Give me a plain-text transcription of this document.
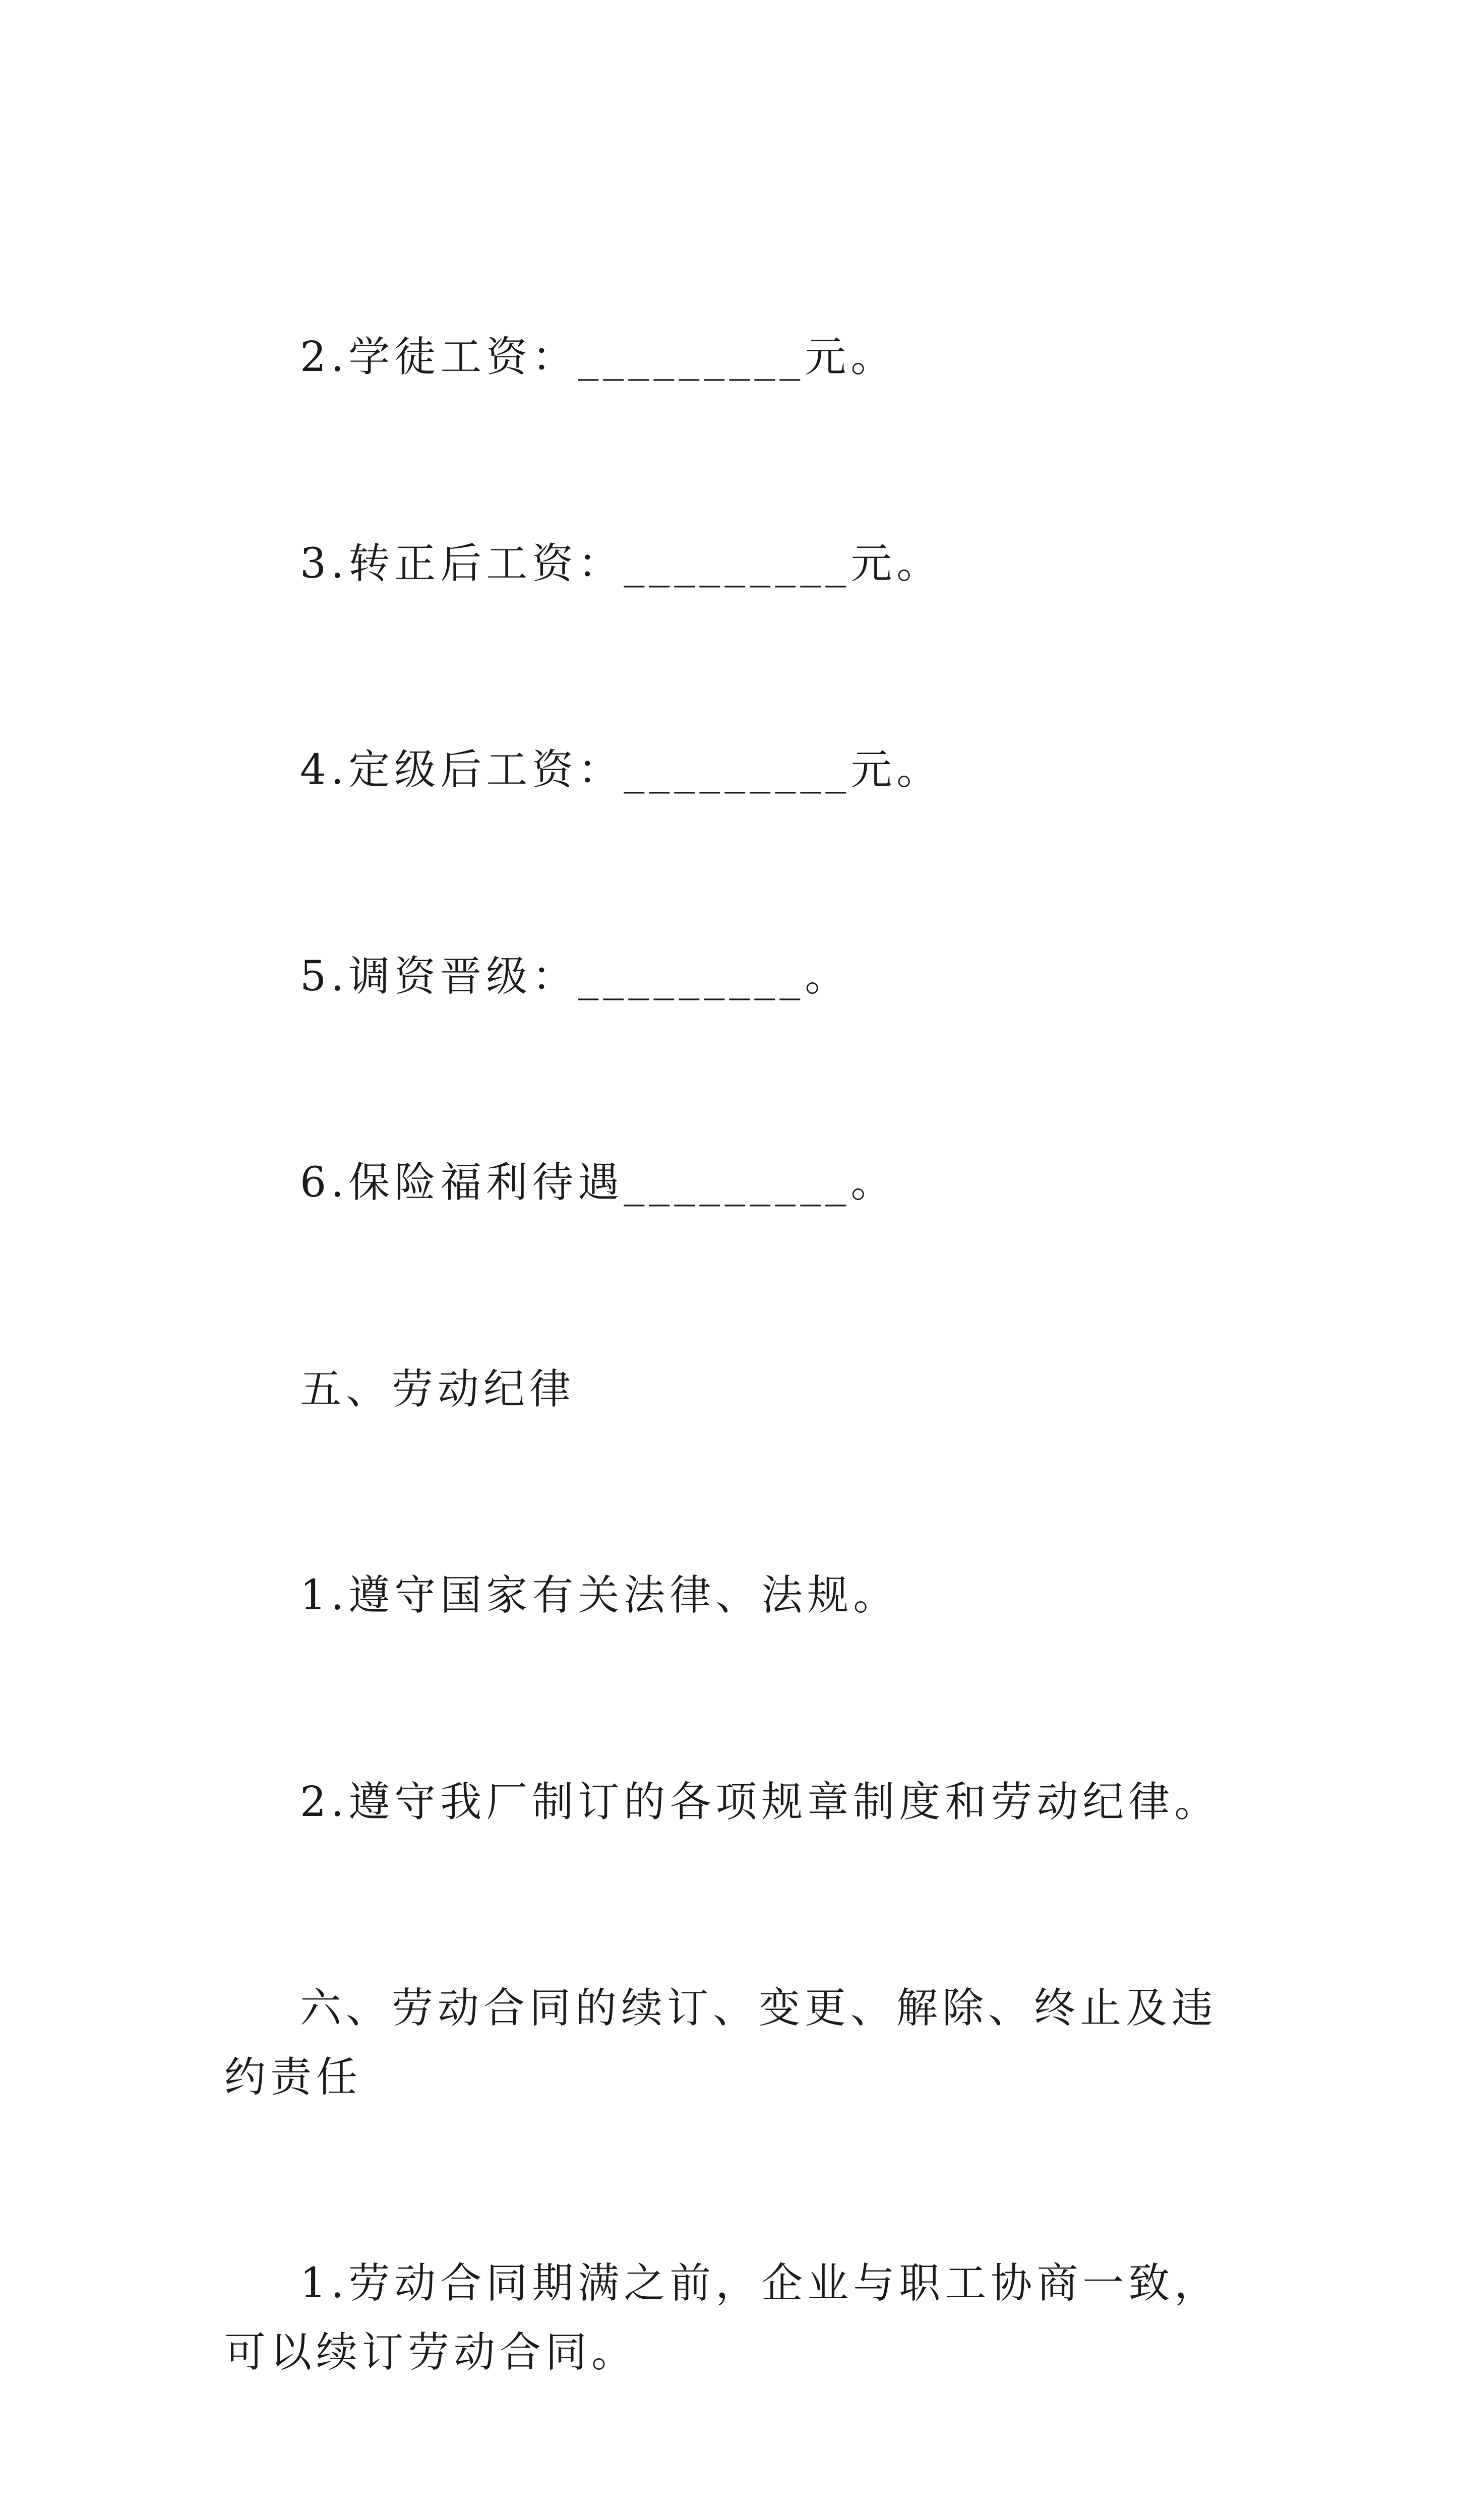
2.学徒工资：_________元。

3.转正后工资：_________元。

4.定级后工资：_________元。

5.调资晋级：_________。

6.保险福利待遇_________。

五、劳动纪律

1.遵守国家有关法律、法规。

2.遵守我厂制订的各项规章制度和劳动纪律。

六、劳动合同的续订、变更、解除、终止及违约责任

1.劳动合同期满之前，企业与职工协商一致，可以续订劳动合同。
